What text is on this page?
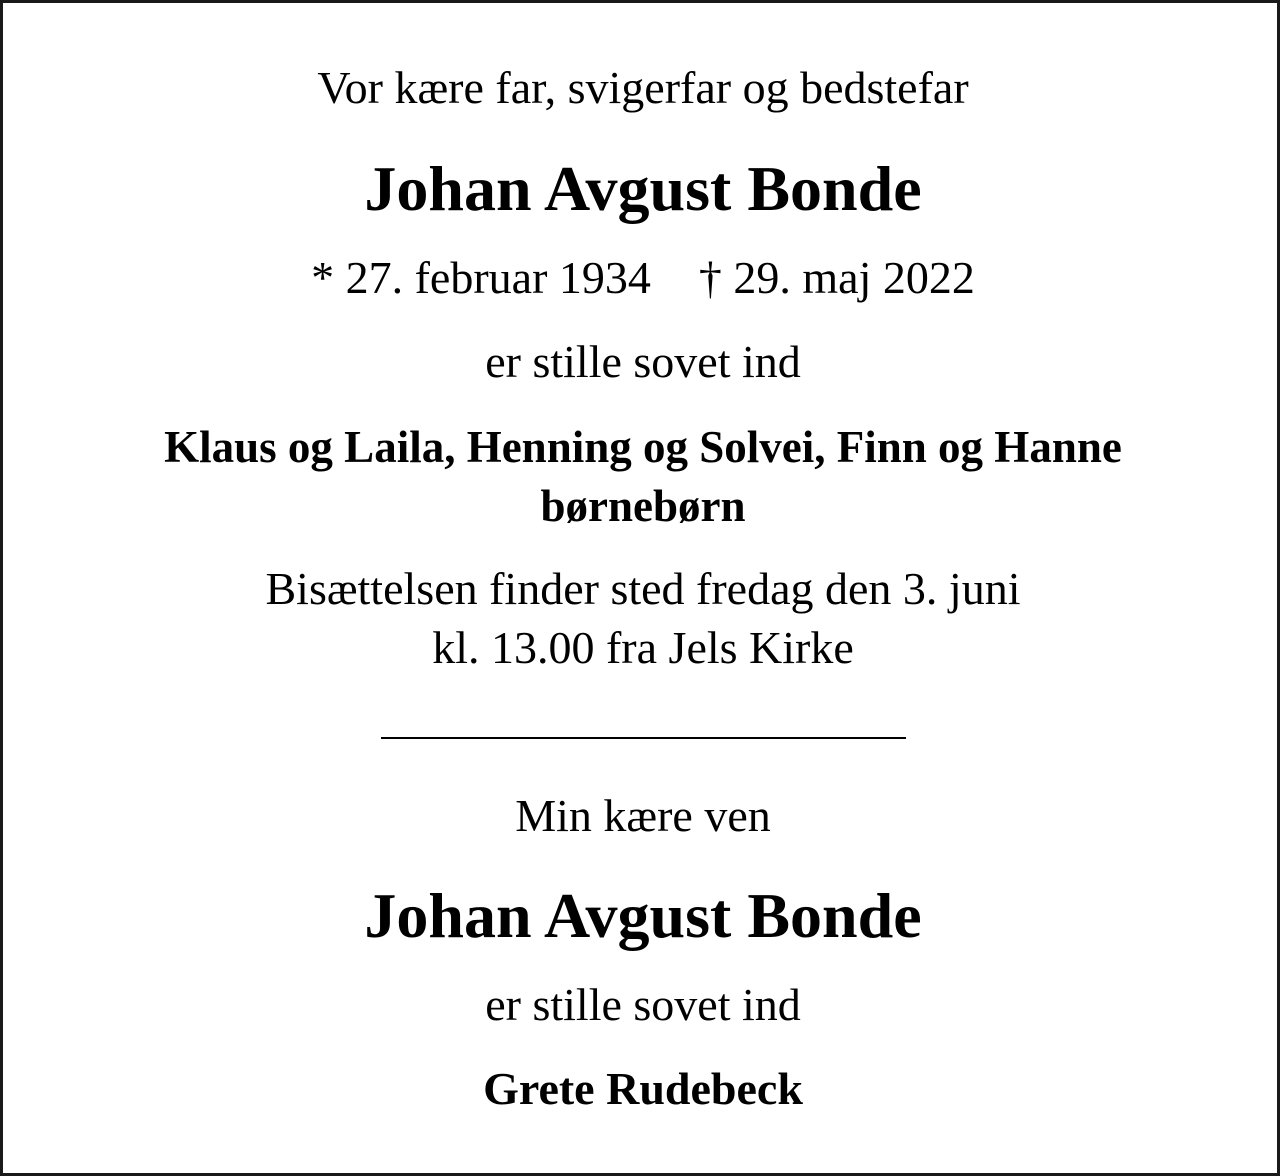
Vor kære far, svigerfar og bedstefar
Johan Avgust Bonde
* 27. februar 1934 † 29. maj 2022
er stille sovet ind
Klaus og Laila, Henning og Solvei, Finn og Hanne
børnebørn
Bisættelsen finder sted fredag den 3. juni
kl. 13.00 fra Jels Kirke
Min kære ven
Johan Avgust Bonde
er stille sovet ind
Grete Rudebeck
